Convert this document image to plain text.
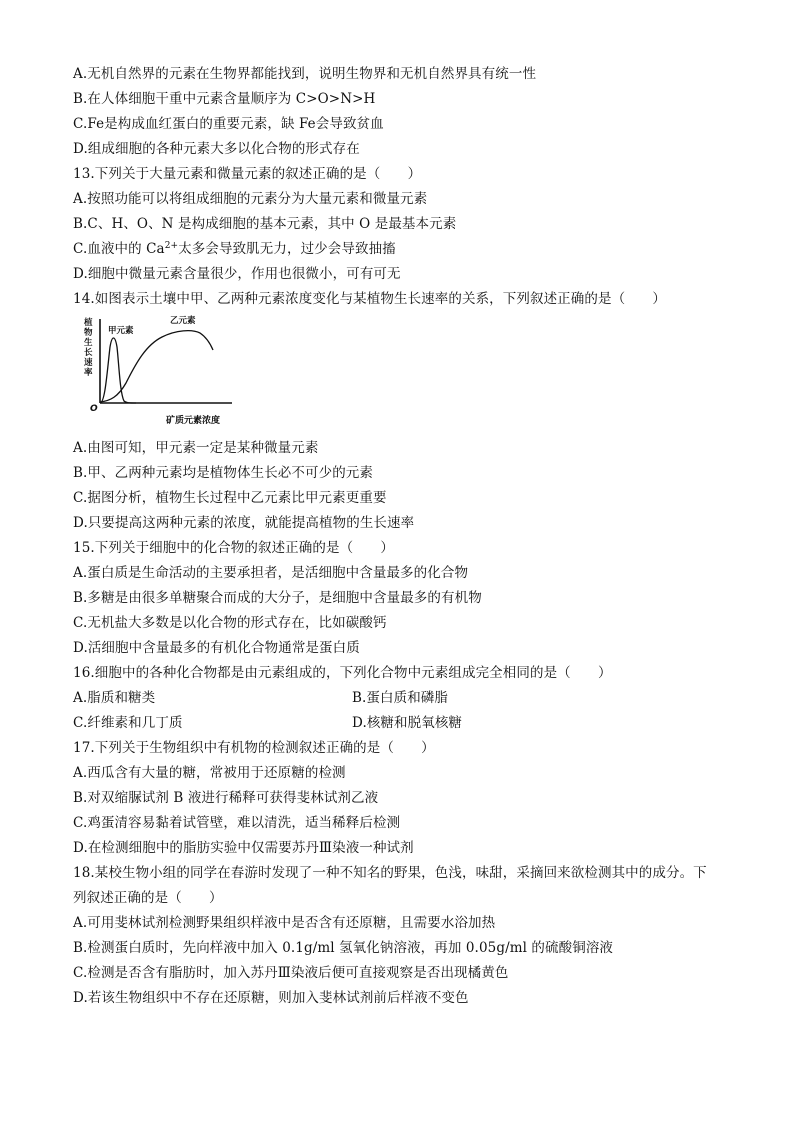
A.无机自然界的元素在生物界都能找到，说明生物界和无机自然界具有统一性
B.在人体细胞干重中元素含量顺序为 C>O>N>H
C.Fe是构成血红蛋白的重要元素，缺 Fe会导致贫血
D.组成细胞的各种元素大多以化合物的形式存在
13.下列关于大量元素和微量元素的叙述正确的是（　　）
A.按照功能可以将组成细胞的元素分为大量元素和微量元素
B.C、H、O、N 是构成细胞的基本元素，其中 O 是最基本元素
C.血液中的 $Ca^{2+}$太多会导致肌无力，过少会导致抽搐
D.细胞中微量元素含量很少，作用也很微小，可有可无
14.如图表示土壤中甲、乙两种元素浓度变化与某植物生长速率的关系，下列叙述正确的是（　　）
植 物 生 长 速 率
O
矿质元素浓度
甲元素
乙元素
A.由图可知，甲元素一定是某种微量元素
B.甲、乙两种元素均是植物体生长必不可少的元素
C.据图分析，植物生长过程中乙元素比甲元素更重要
D.只要提高这两种元素的浓度，就能提高植物的生长速率
15.下列关于细胞中的化合物的叙述正确的是（　　）
A.蛋白质是生命活动的主要承担者，是活细胞中含量最多的化合物
B.多糖是由很多单糖聚合而成的大分子，是细胞中含量最多的有机物
C.无机盐大多数是以化合物的形式存在，比如碳酸钙
D.活细胞中含量最多的有机化合物通常是蛋白质
16.细胞中的各种化合物都是由元素组成的，下列化合物中元素组成完全相同的是（　　）
A.脂质和糖类	B.蛋白质和磷脂
C.纤维素和几丁质	D.核糖和脱氧核糖
17.下列关于生物组织中有机物的检测叙述正确的是（　　）
A.西瓜含有大量的糖，常被用于还原糖的检测
B.对双缩脲试剂 B 液进行稀释可获得斐林试剂乙液
C.鸡蛋清容易黏着试管壁，难以清洗，适当稀释后检测
D.在检测细胞中的脂肪实验中仅需要苏丹Ⅲ染液一种试剂
18.某校生物小组的同学在春游时发现了一种不知名的野果，色浅，味甜，采摘回来欲检测其中的成分。下
列叙述正确的是（　　）
A.可用斐林试剂检测野果组织样液中是否含有还原糖，且需要水浴加热
B.检测蛋白质时，先向样液中加入 0.1g/ml 氢氧化钠溶液，再加 0.05g/ml 的硫酸铜溶液
C.检测是否含有脂肪时，加入苏丹Ⅲ染液后便可直接观察是否出现橘黄色
D.若该生物组织中不存在还原糖，则加入斐林试剂前后样液不变色
